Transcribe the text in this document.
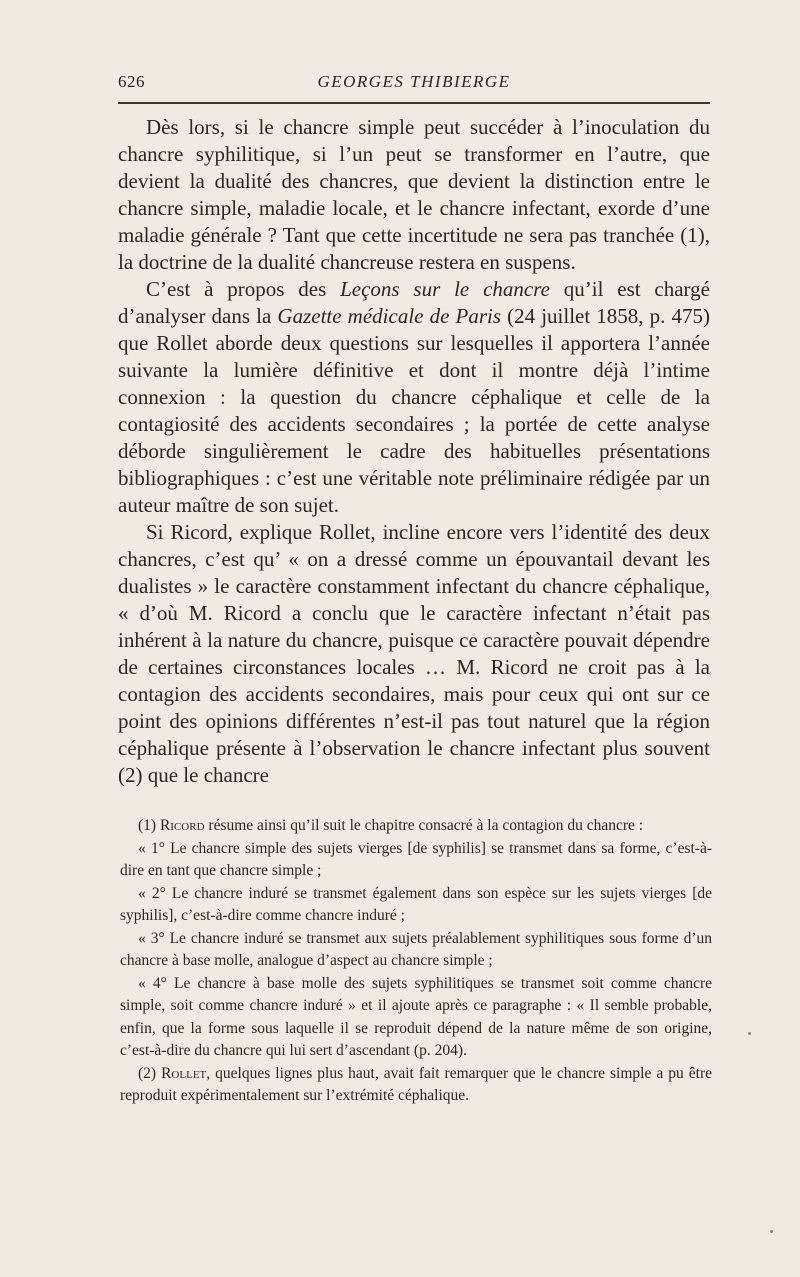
626	GEORGES THIBIERGE

Dès lors, si le chancre simple peut succéder à l’inoculation du chancre syphilitique, si l’un peut se transformer en l’autre, que devient la dualité des chancres, que devient la distinction entre le chancre simple, maladie locale, et le chancre infectant, exorde d’une maladie générale ? Tant que cette incertitude ne sera pas tranchée (1), la doctrine de la dualité chancreuse restera en suspens.

C’est à propos des Leçons sur le chancre qu’il est chargé d’analyser dans la Gazette médicale de Paris (24 juillet 1858, p. 475) que Rollet aborde deux questions sur lesquelles il apportera l’année suivante la lumière définitive et dont il montre déjà l’intime connexion : la question du chancre céphalique et celle de la contagiosité des accidents secondaires ; la portée de cette analyse déborde singulièrement le cadre des habituelles présentations bibliographiques : c’est une véritable note préliminaire rédigée par un auteur maître de son sujet.

Si Ricord, explique Rollet, incline encore vers l’identité des deux chancres, c’est qu’ « on a dressé comme un épouvantail devant les dualistes » le caractère constamment infectant du chancre céphalique, « d’où M. Ricord a conclu que le caractère infectant n’était pas inhérent à la nature du chancre, puisque ce caractère pouvait dépendre de certaines circonstances locales … M. Ricord ne croit pas à la contagion des accidents secondaires, mais pour ceux qui ont sur ce point des opinions différentes n’est-il pas tout naturel que la région céphalique présente à l’observation le chancre infectant plus souvent (2) que le chancre

(1) Ricord résume ainsi qu’il suit le chapitre consacré à la contagion du chancre :

« 1° Le chancre simple des sujets vierges [de syphilis] se transmet dans sa forme, c’est-à-dire en tant que chancre simple ;

« 2° Le chancre induré se transmet également dans son espèce sur les sujets vierges [de syphilis], c’est-à-dire comme chancre induré ;

« 3° Le chancre induré se transmet aux sujets préalablement syphilitiques sous forme d’un chancre à base molle, analogue d’aspect au chancre simple ;

« 4° Le chancre à base molle des sujets syphilitiques se transmet soit comme chancre simple, soit comme chancre induré » et il ajoute après ce paragraphe : « Il semble probable, enfin, que la forme sous laquelle il se reproduit dépend de la nature même de son origine, c’est-à-dire du chancre qui lui sert d’ascendant (p. 204).

(2) Rollet, quelques lignes plus haut, avait fait remarquer que le chancre simple a pu être reproduit expérimentalement sur l’extrémité céphalique.
